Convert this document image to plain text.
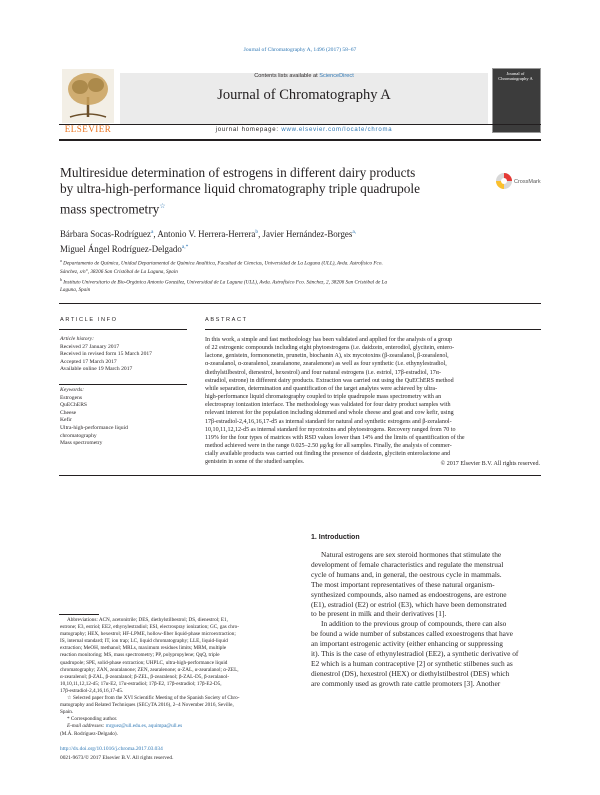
Journal of Chromatography A, 1496 (2017) 58–67
ELSEVIER
Contents lists available at ScienceDirect
Journal of Chromatography A
Journal of Chromatography A
journal homepage: www.elsevier.com/locate/chroma
Multiresidue determination of estrogens in different dairy products
by ultra-high-performance liquid chromatography triple quadrupole
mass spectrometry☆
CrossMark
Bárbara Socas-Rodríguez$^a$, Antonio V. Herrera-Herrera$^b$, Javier Hernández-Borges$^{a,}$
Miguel Ángel Rodríguez-Delgado$^{a,*}$
$^a$ Departamento de Química, Unidad Departamental de Química Analítica, Facultad de Ciencias, Universidad de La Laguna (ULL), Avda. Astrofísico Fco.
Sánchez, s/n°, 38206 San Cristóbal de La Laguna, Spain
$^b$ Instituto Universitario de Bio-Orgánica Antonio González, Universidad de La Laguna (ULL), Avda. Astrofísico Fco. Sánchez, 2, 38206 San Cristóbal de La
Laguna, Spain
ARTICLE INFO
Article history:
Received 27 January 2017
Received in revised form 15 March 2017
Accepted 17 March 2017
Available online 19 March 2017
Keywords:
Estrogens
QuEChERS
Cheese
Kefir
Ultra-high-performance liquid
chromatography
Mass spectrometry
ABSTRACT
In this work, a simple and fast methodology has been validated and applied for the analysis of a group
of 22 estrogenic compounds including eight phytoestrogens (i.e. daidzein, enterodiol, glycitein, entero-
lactone, genistein, formononetin, prunetin, biochanin A), six mycotoxins (β-zearalanol, β-zearalenol,
α-zearalanol, α-zearalenol, zearalanone, zearalenone) as well as four synthetic (i.e. ethynylestradiol,
diethylstilbestrol, dienestrol, hexestrol) and four natural estrogens (i.e. estriol, 17β-estradiol, 17α-
estradiol, estrone) in different dairy products. Extraction was carried out using the QuEChERS method
while separation, determination and quantification of the target analytes were achieved by ultra-
high-performance liquid chromatography coupled to triple quadrupole mass spectrometry with an
electrospray ionization interface. The methodology was validated for four dairy product samples with
relevant interest for the population including skimmed and whole cheese and goat and cow kefir, using
17β-estradiol-2,4,16,16,17-d5 as internal standard for natural and synthetic estrogens and β-zeralanol-
10,10,11,12,12-d5 as internal standard for mycotoxins and phytoestrogens. Recovery ranged from 70 to
119% for the four types of matrices with RSD values lower than 14% and the limits of quantification of the
method achieved were in the range 0.025–2.50 μg/kg for all samples. Finally, the analysis of commer-
cially available products was carried out finding the presence of daidzein, glycitein enterolactone and
genistein in some of the studied samples.	© 2017 Elsevier B.V. All rights reserved.
1. Introduction
Natural estrogens are sex steroid hormones that stimulate the
development of female characteristics and regulate the menstrual
cycle of humans and, in general, the oestrous cycle in mammals.
The most important representatives of these natural organism-
synthesized compounds, also named as endoestrogens, are estrone
(E1), estradiol (E2) or estriol (E3), which have been demonstrated
to be present in milk and their derivatives [1].
In addition to the previous group of compounds, there can also
be found a wide number of substances called exoestrogens that have
an important estrogenic activity (either enhancing or suppressing
it). This is the case of ethynylestradiol (EE2), a synthetic derivative of
E2 which is a human contraceptive [2] or synthetic stilbenes such as
dienestrol (DS), hexestrol (HEX) or diethylstilbestrol (DES) which
are commonly used as growth rate cattle promoters [3]. Another
Abbreviations: ACN, acetonitrile; DES, diethylstilbestrol; DS, dienestrol; E1,
estrone; E3, estriol; EE2, ethynylestradiol; ESI, electrospray ionization; GC, gas chro-
matography; HEX, hexestrol; HF-LPME, hollow-fiber liquid-phase microextraction;
IS, internal standard; IT, ion trap; LC, liquid chromatography; LLE, liquid-liquid
extraction; MeOH, methanol; MRLs, maximum residues limits; MRM, multiple
reaction monitoring; MS, mass spectrometry; PP, polypropylene; QqQ, triple
quadrupole; SPE, solid-phase extraction; UHPLC, ultra-high-performance liquid
chromatography; ZAN, zearalanone; ZEN, zearalenone; α-ZAL, α-zearalanol; α-ZEL,
α-zearalenol; β-ZAL, β-zearalanol; β-ZEL, β-zearalenol; β-ZAL-D5, β-zeralanol-
10,10,11,12,12-d5; 17α-E2, 17α-estradiol; 17β-E2, 17β-estradiol; 17β-E2-D5,
17β-estradiol-2,4,16,16,17-d5.
☆ Selected paper from the XVI Scientific Meeting of the Spanish Society of Chro-
matography and Related Techniques (SECyTA 2016), 2–4 November 2016, Seville,
Spain.
* Corresponding author.
E-mail addresses: mrguez@ull.edu.es, aquimpa@ull.es
(M.Á. Rodríguez-Delgado).
http://dx.doi.org/10.1016/j.chroma.2017.03.034
0021-9673/© 2017 Elsevier B.V. All rights reserved.
